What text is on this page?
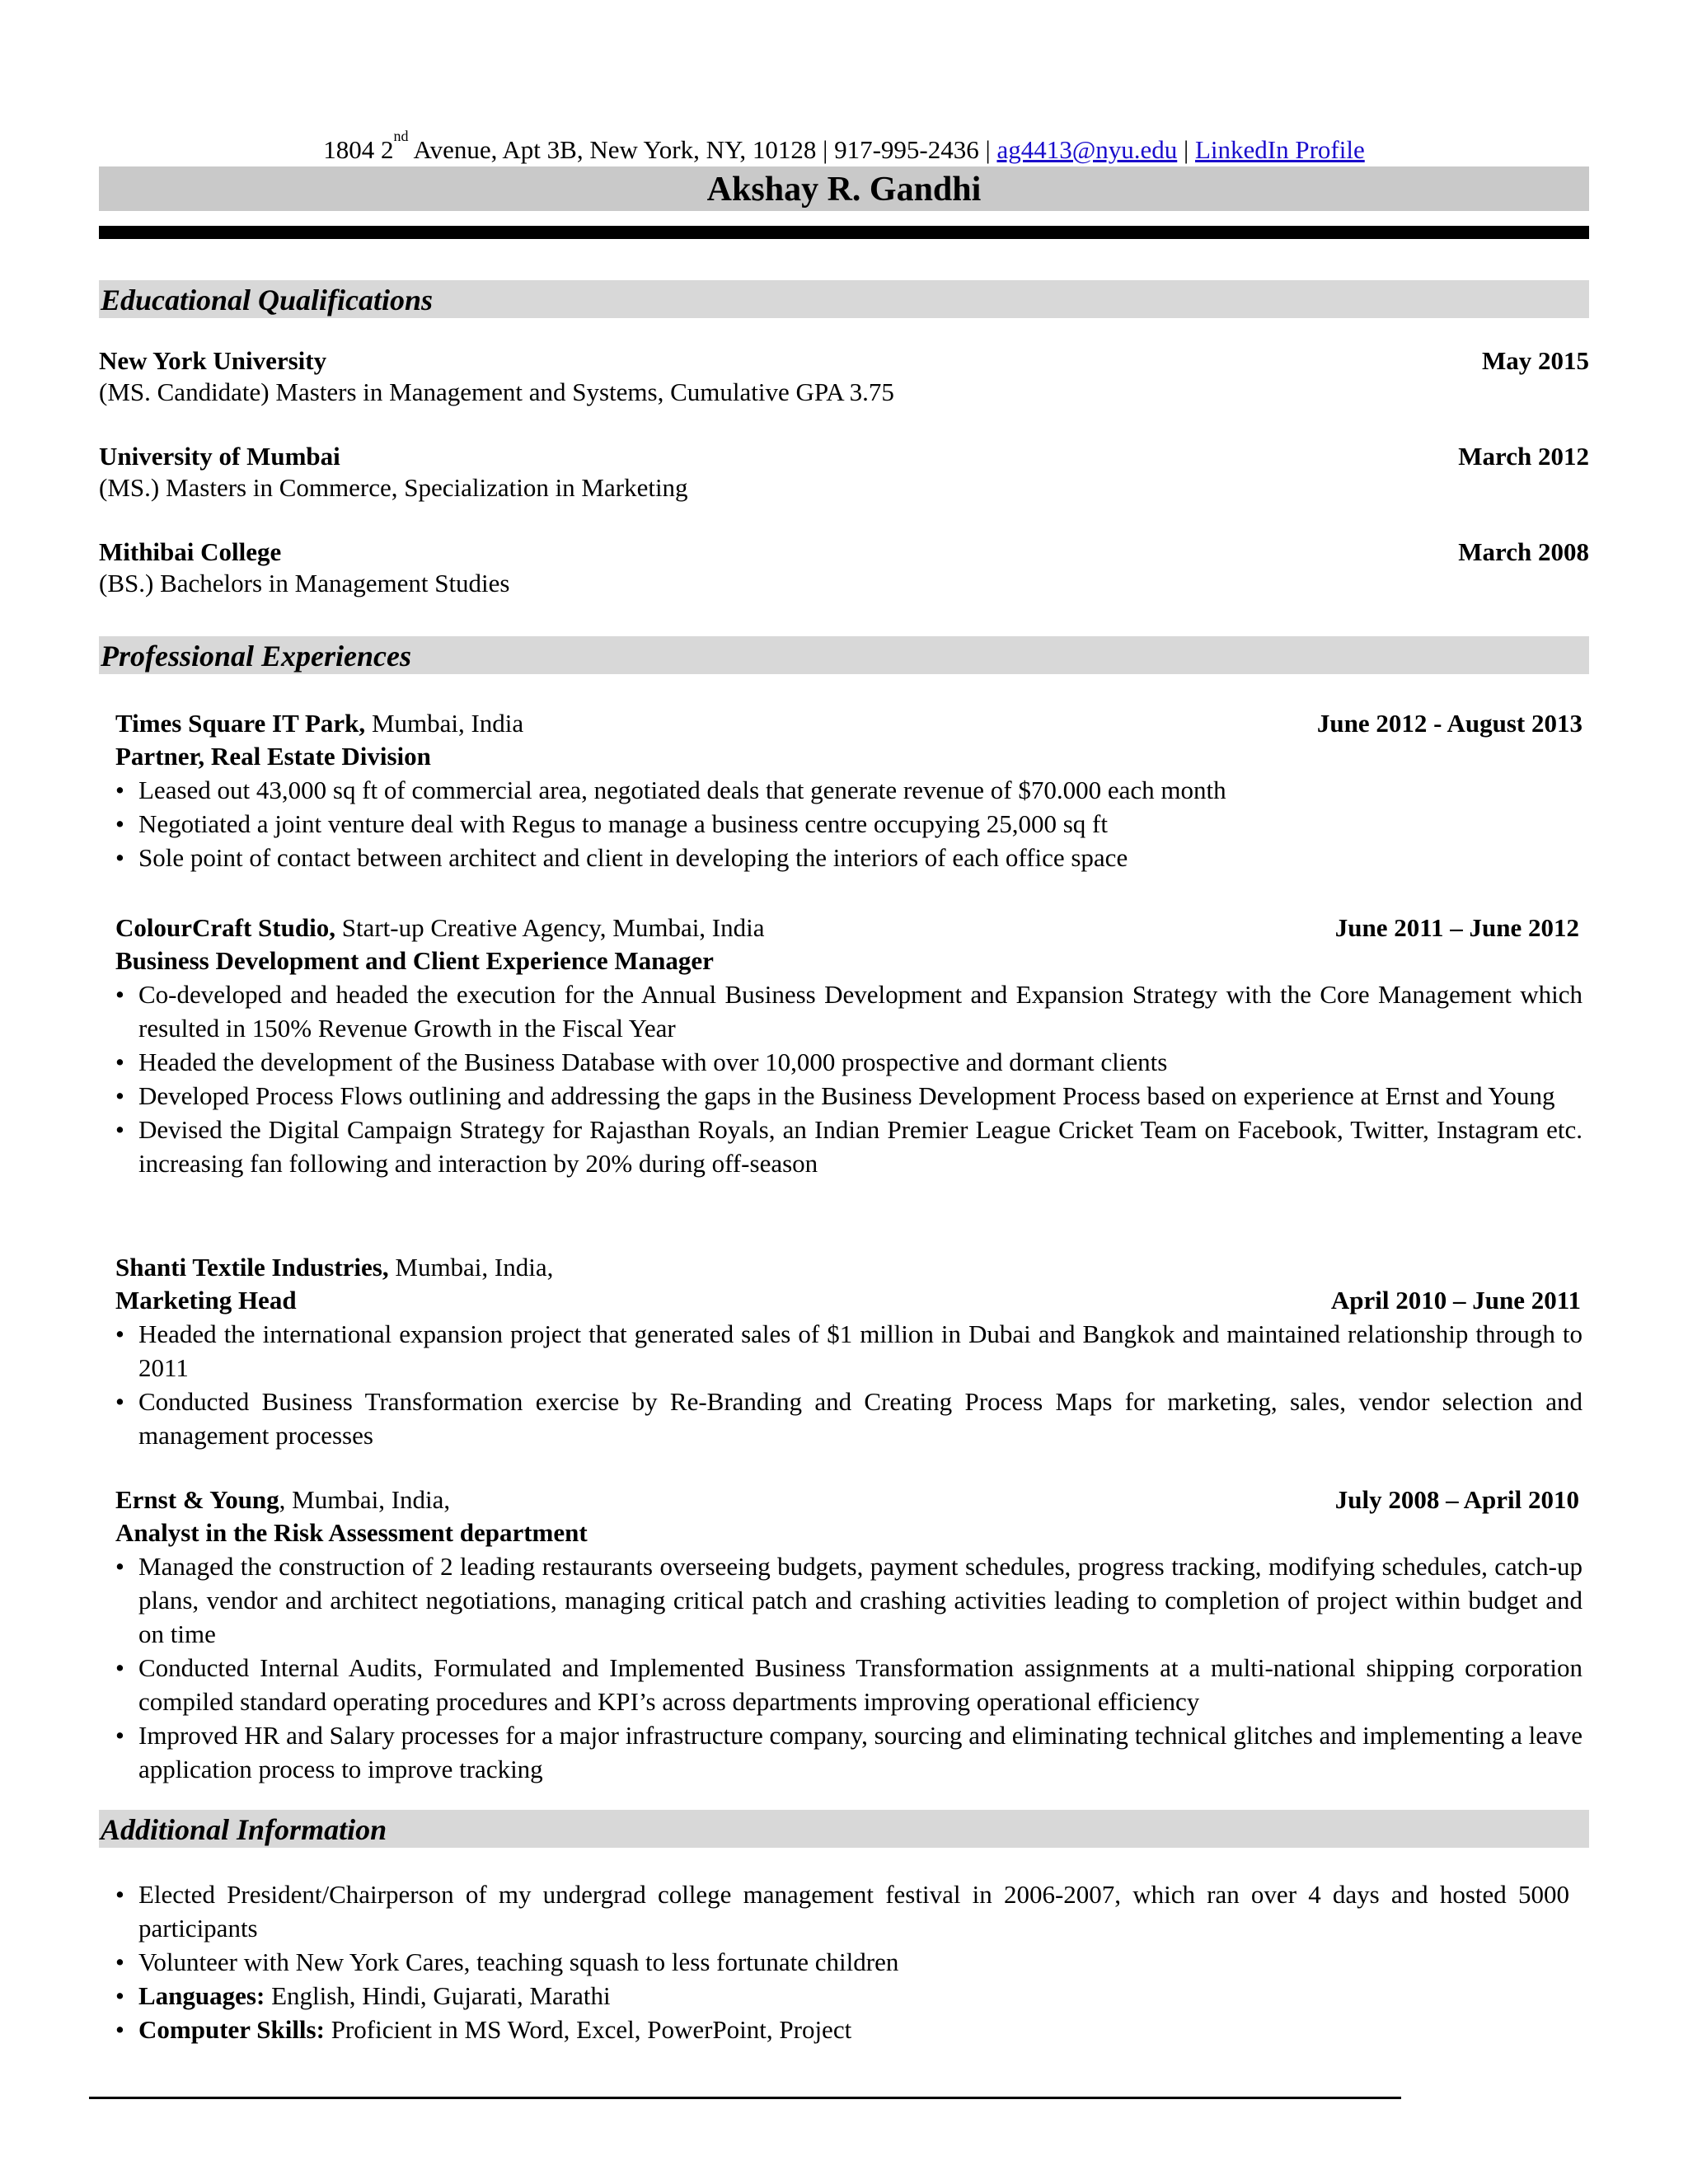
1804 2nd Avenue, Apt 3B, New York, NY, 10128 | 917-995-2436 | ag4413@nyu.edu | LinkedIn Profile
Akshay R. Gandhi
Educational Qualifications
New York University	May 2015
(MS. Candidate) Masters in Management and Systems, Cumulative GPA 3.75
University of Mumbai	March 2012
(MS.) Masters in Commerce, Specialization in Marketing
Mithibai College	March 2008
(BS.) Bachelors in Management Studies
Professional Experiences
Times Square IT Park, Mumbai, India	June 2012 - August 2013
Partner, Real Estate Division
• Leased out 43,000 sq ft of commercial area, negotiated deals that generate revenue of $70.000 each month
• Negotiated a joint venture deal with Regus to manage a business centre occupying 25,000 sq ft
• Sole point of contact between architect and client in developing the interiors of each office space
ColourCraft Studio, Start-up Creative Agency, Mumbai, India	June 2011 – June 2012
Business Development and Client Experience Manager
• Co-developed and headed the execution for the Annual Business Development and Expansion Strategy with the Core Management which resulted in 150% Revenue Growth in the Fiscal Year
• Headed the development of the Business Database with over 10,000 prospective and dormant clients
• Developed Process Flows outlining and addressing the gaps in the Business Development Process based on experience at Ernst and Young
• Devised the Digital Campaign Strategy for Rajasthan Royals, an Indian Premier League Cricket Team on Facebook, Twitter, Instagram etc. increasing fan following and interaction by 20% during off-season
Shanti Textile Industries, Mumbai, India,
Marketing Head	April 2010 – June 2011
• Headed the international expansion project that generated sales of $1 million in Dubai and Bangkok and maintained relationship through to 2011
• Conducted Business Transformation exercise by Re-Branding and Creating Process Maps for marketing, sales, vendor selection and management processes
Ernst & Young, Mumbai, India,	July 2008 – April 2010
Analyst in the Risk Assessment department
• Managed the construction of 2 leading restaurants overseeing budgets, payment schedules, progress tracking, modifying schedules, catch-up plans, vendor and architect negotiations, managing critical patch and crashing activities leading to completion of project within budget and on time
• Conducted Internal Audits, Formulated and Implemented Business Transformation assignments at a multi-national shipping corporation compiled standard operating procedures and KPI’s across departments improving operational efficiency
• Improved HR and Salary processes for a major infrastructure company, sourcing and eliminating technical glitches and implementing a leave application process to improve tracking
Additional Information
• Elected President/Chairperson of my undergrad college management festival in 2006-2007, which ran over 4 days and hosted 5000 participants
• Volunteer with New York Cares, teaching squash to less fortunate children
• Languages: English, Hindi, Gujarati, Marathi
• Computer Skills: Proficient in MS Word, Excel, PowerPoint, Project
